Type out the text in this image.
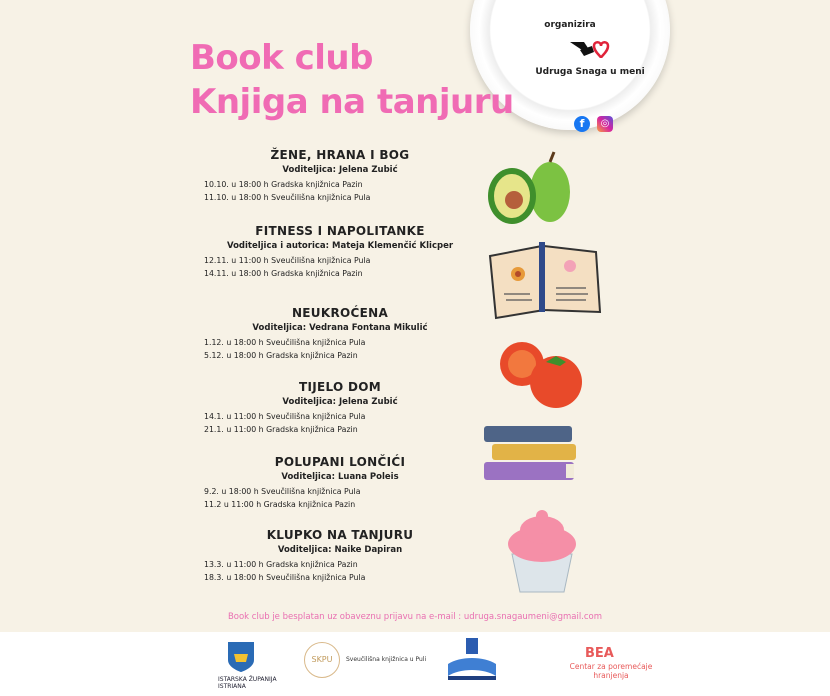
organizira
Udruga Snaga u meni
f	◎
Book club
Knjiga na tanjuru
ŽENE, HRANA I BOG
Voditeljica: Jelena Zubić
10.10. u 18:00 h Gradska knjižnica Pazin
11.10. u 18:00 h Sveučilišna knjižnica Pula
FITNESS I NAPOLITANKE
Voditeljica i autorica: Mateja Klemenčić Klicper
12.11. u 11:00 h Sveučilišna knjižnica Pula
14.11. u 18:00 h Gradska knjižnica Pazin
NEUKROĆENA
Voditeljica: Vedrana Fontana Mikulić
1.12. u 18:00 h Sveučilišna knjižnica Pula
5.12. u 18:00 h Gradska knjižnica Pazin
TIJELO DOM
Voditeljica: Jelena Zubić
14.1. u 11:00 h Sveučilišna knjižnica Pula
21.1. u 11:00 h Gradska knjižnica Pazin
POLUPANI LONČIĆI
Voditeljica: Luana Poleis
9.2. u 18:00 h Sveučilišna knjižnica Pula
11.2 u 11:00 h Gradska knjižnica Pazin
KLUPKO NA TANJURU
Voditeljica: Naike Dapiran
13.3. u 11:00 h Gradska knjižnica Pazin
18.3. u 18:00 h Sveučilišna knjižnica Pula
Book club je besplatan uz obaveznu prijavu na e-mail : udruga.snagaumeni@gmail.com
ISTARSKA ŽUPANIJA ISTRIANA
SKPU	Sveučilišna knjižnica u Puli	BEA
Centar za poremećaje hranjenja
